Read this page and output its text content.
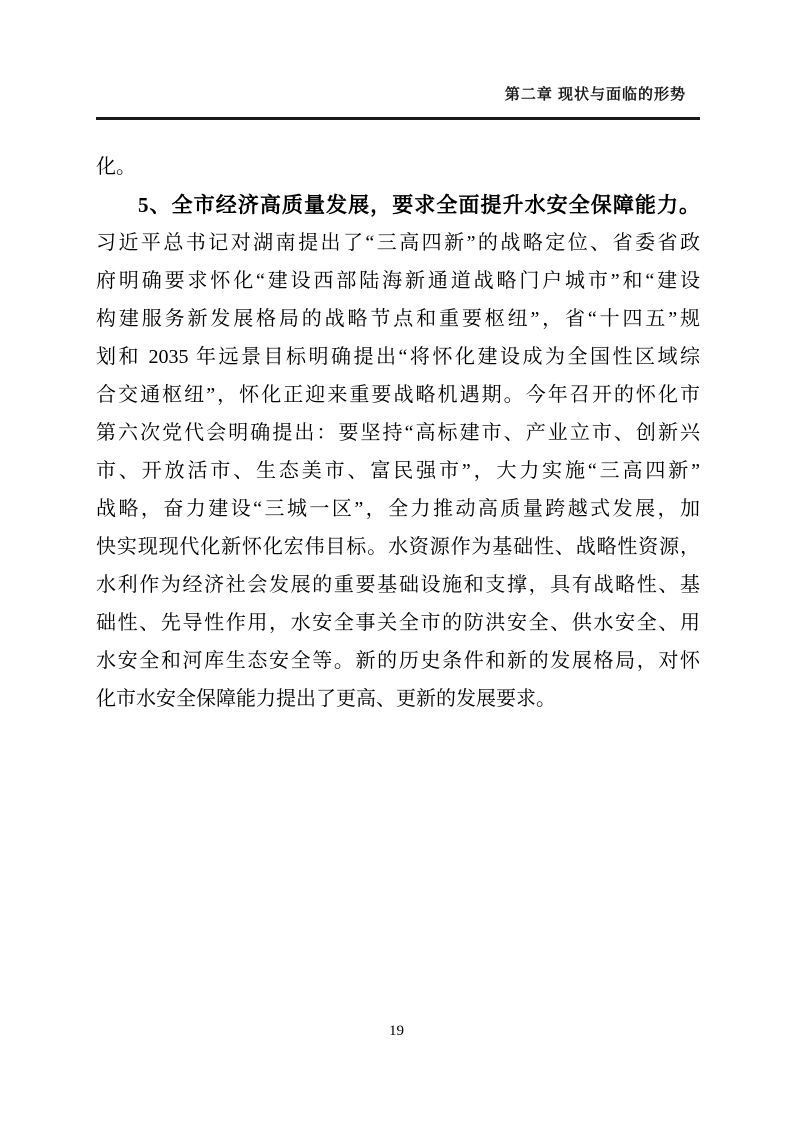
第二章 现状与面临的形势
化。
5、全市经济高质量发展，要求全面提升水安全保障能力。
习近平总书记对湖南提出了“三高四新”的战略定位、省委省政
府明确要求怀化“建设西部陆海新通道战略门户城市”和“建设
构建服务新发展格局的战略节点和重要枢纽”，省“十四五”规
划和 2035 年远景目标明确提出“将怀化建设成为全国性区域综
合交通枢纽”，怀化正迎来重要战略机遇期。今年召开的怀化市
第六次党代会明确提出：要坚持“高标建市、产业立市、创新兴
市、开放活市、生态美市、富民强市”，大力实施“三高四新”
战略，奋力建设“三城一区”，全力推动高质量跨越式发展，加
快实现现代化新怀化宏伟目标。水资源作为基础性、战略性资源，
水利作为经济社会发展的重要基础设施和支撑，具有战略性、基
础性、先导性作用，水安全事关全市的防洪安全、供水安全、用
水安全和河库生态安全等。新的历史条件和新的发展格局，对怀
化市水安全保障能力提出了更高、更新的发展要求。
19
